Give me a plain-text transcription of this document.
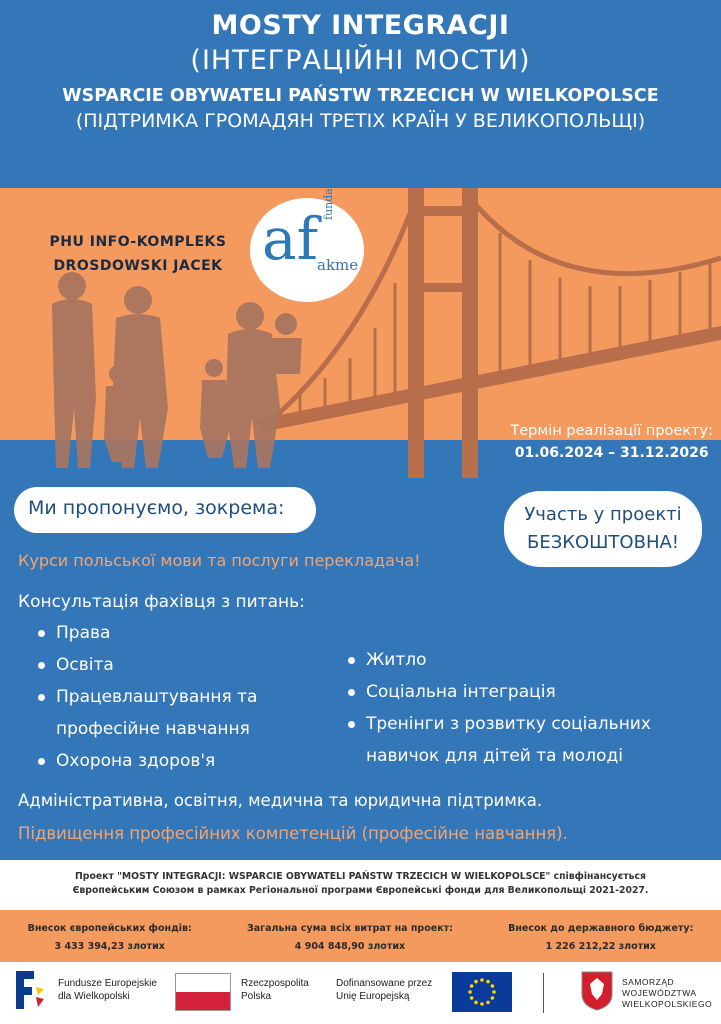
MOSTY INTEGRACJI
(ІНТЕГРАЦІЙНІ МОСТИ)
WSPARCIE OBYWATELI PAŃSTW TRZECICH W WIELKOPOLSCE
(ПІДТРИМКА ГРОМАДЯН ТРЕТІХ КРАЇН У ВЕЛИКОПОЛЬЩІ)
PHU INFO-KOMPLEKS
DROSDOWSKI JACEK af
fundacja
akme
Термін реалізації проекту:
01.06.2024 – 31.12.2026
Ми пропонуємо, зокрема:	Участь у проекті
БЕЗКОШТОВНА!
Курси польської мови та послуги перекладача!
Консультація фахівця з питань:
Права
Освіта
Працевлаштування та професійне навчання
Охорона здоров'я
Житло
Соціальна інтеграція
Тренінги з розвитку соціальних навичок для дітей та молоді
Адміністративна, освітня, медична та юридична підтримка.
Підвищення професійних компетенцій (професійне навчання).
Проект "MOSTY INTEGRACJI: WSPARCIE OBYWATELI PAŃSTW TRZECICH W WIELKOPOLSCE" співфінансується
Європейським Союзом в рамках Регіональної програми Європейські фонди для Великопольщі 2021-2027.
Внесок європейських фондів:
3 433 394,23 злотих
Загальна сума всіх витрат на проект:
4 904 848,90 злотих
Внесок до державного бюджету:
1 226 212,22 злотих
Fundusze Europejskie
dla Wielkopolski
Rzeczpospolita
Polska
Dofinansowane przez
Unię Europejską
SAMORZĄD
WOJEWÓDZTWA
WIELKOPOLSKIEGO
